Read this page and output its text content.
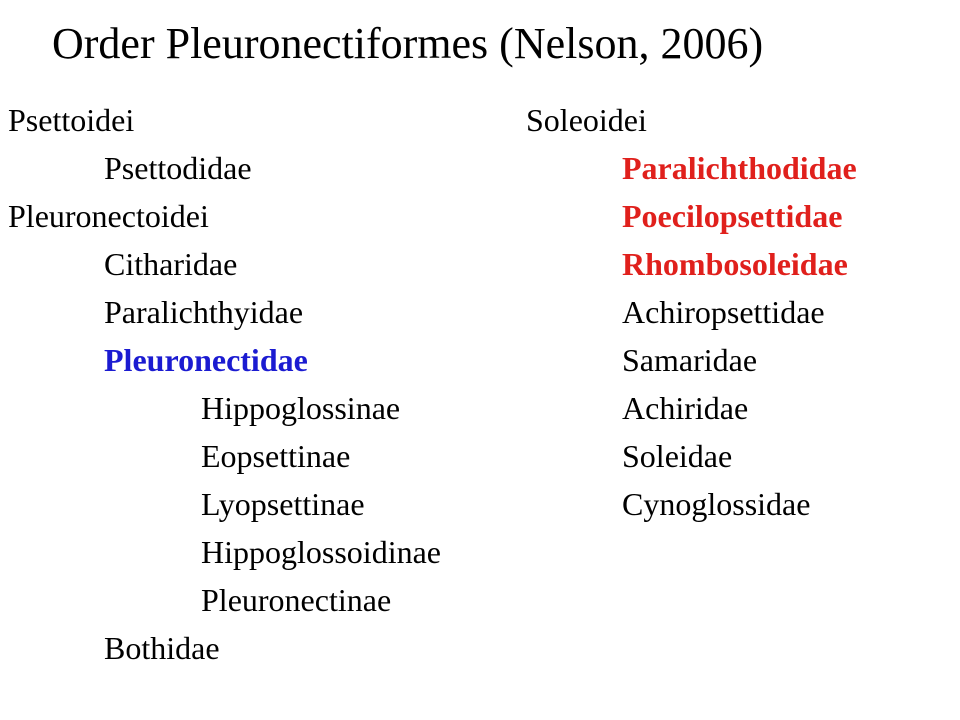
Order Pleuronectiformes (Nelson, 2006)
Psettoidei
Psettodidae
Pleuronectoidei
Citharidae
Paralichthyidae
Pleuronectidae
Hippoglossinae
Eopsettinae
Lyopsettinae
Hippoglossoidinae
Pleuronectinae
Bothidae
Soleoidei
Paralichthodidae
Poecilopsettidae
Rhombosoleidae
Achiropsettidae
Samaridae
Achiridae
Soleidae
Cynoglossidae
